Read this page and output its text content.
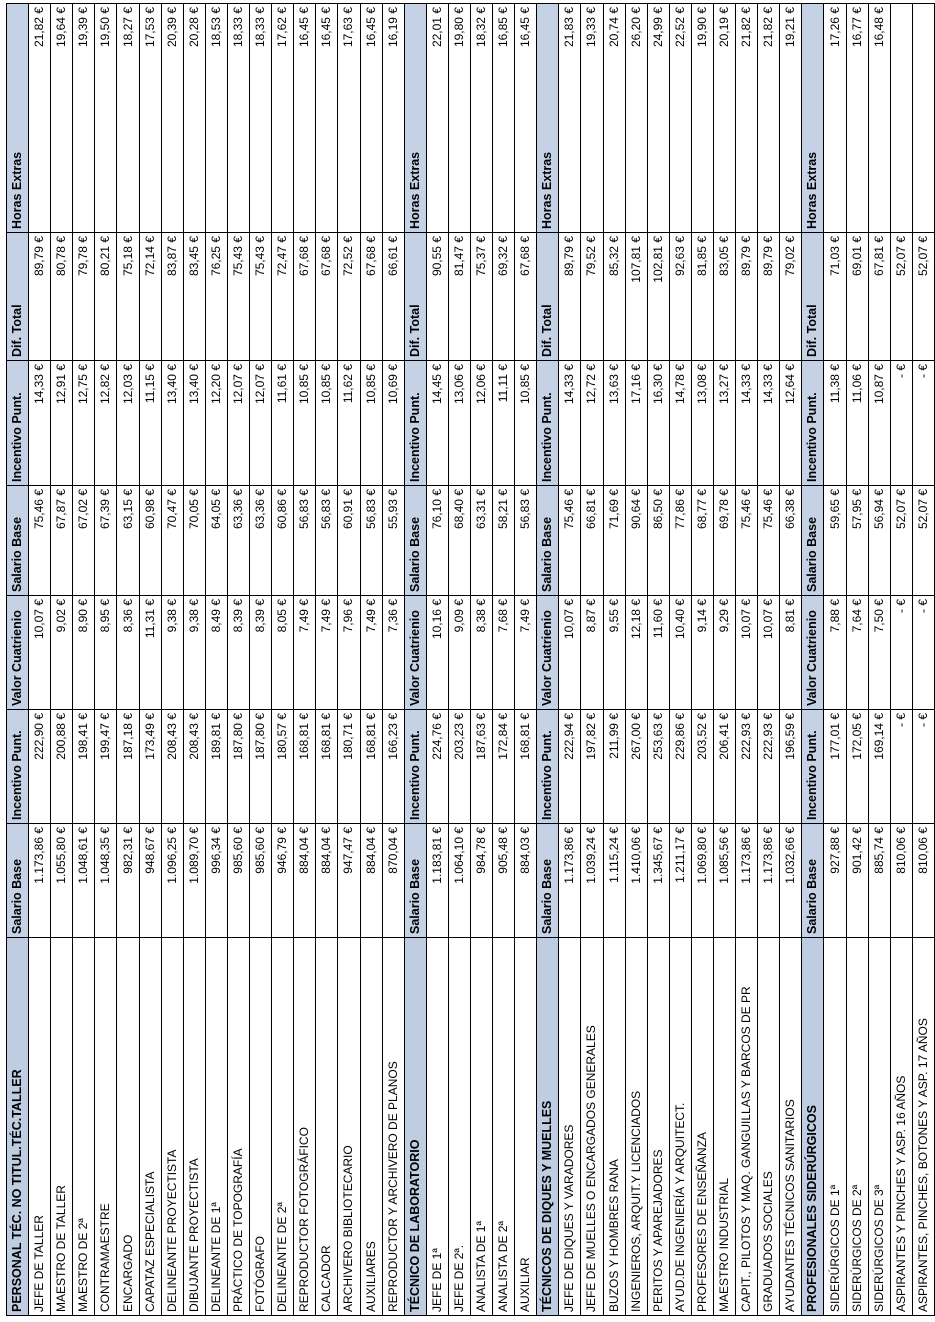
PERSONAL TÉC. NO TITUL.TÉC.TALLER	Salario Base	Incentivo Punt.	Valor Cuatrienio	Salario Base	Incentivo Punt.	Dif. Total	Horas Extras
JEFE DE TALLER	1.173,86 €	222,90 €	10,07 €	75,46 €	14,33 €	89,79 €	21,82 €
MAESTRO DE TALLER	1.055,80 €	200,88 €	9,02 €	67,87 €	12,91 €	80,78 €	19,64 €
MAESTRO DE 2ª	1.048,61 €	198,41 €	8,90 €	67,02 €	12,75 €	79,78 €	19,39 €
CONTRAMAESTRE	1.048,35 €	199,47 €	8,95 €	67,39 €	12,82 €	80,21 €	19,50 €
ENCARGADO	982,31 €	187,18 €	8,36 €	63,15 €	12,03 €	75,18 €	18,27 €
CAPATAZ ESPECIALISTA	948,67 €	173,49 €	11,31 €	60,98 €	11,15 €	72,14 €	17,53 €
DELINEANTE PROYECTISTA	1.096,25 €	208,43 €	9,38 €	70,47 €	13,40 €	83,87 €	20,39 €
DIBUJANTE PROYECTISTA	1.089,70 €	208,43 €	9,38 €	70,05 €	13,40 €	83,45 €	20,28 €
DELINEANTE DE 1ª	996,34 €	189,81 €	8,49 €	64,05 €	12,20 €	76,25 €	18,53 €
PRÁCTICO DE TOPOGRAFÍA	985,60 €	187,80 €	8,39 €	63,36 €	12,07 €	75,43 €	18,33 €
FOTÓGRAFO	985,60 €	187,80 €	8,39 €	63,36 €	12,07 €	75,43 €	18,33 €
DELINEANTE DE 2ª	946,79 €	180,57 €	8,05 €	60,86 €	11,61 €	72,47 €	17,62 €
REPRODUCTOR FOTOGRÁFICO	884,04 €	168,81 €	7,49 €	56,83 €	10,85 €	67,68 €	16,45 €
CALCADOR	884,04 €	168,81 €	7,49 €	56,83 €	10,85 €	67,68 €	16,45 €
ARCHIVERO BIBLIOTECARIO	947,47 €	180,71 €	7,96 €	60,91 €	11,62 €	72,52 €	17,63 €
AUXILIARES	884,04 €	168,81 €	7,49 €	56,83 €	10,85 €	67,68 €	16,45 €
REPRODUCTOR Y ARCHIVERO DE PLANOS	870,04 €	166,23 €	7,36 €	55,93 €	10,69 €	66,61 €	16,19 €
TÉCNICO DE LABORATORIO	Salario Base	Incentivo Punt.	Valor Cuatrienio	Salario Base	Incentivo Punt.	Dif. Total	Horas Extras
JEFE DE 1ª	1.183,81 €	224,76 €	10,16 €	76,10 €	14,45 €	90,55 €	22,01 €
JEFE DE 2ª.	1.064,10 €	203,23 €	9,09 €	68,40 €	13,06 €	81,47 €	19,80 €
ANALISTA DE 1ª	984,78 €	187,63 €	8,38 €	63,31 €	12,06 €	75,37 €	18,32 €
ANALISTA DE 2ª	905,48 €	172,84 €	7,68 €	58,21 €	11,11 €	69,32 €	16,85 €
AUXILIAR	884,03 €	168,81 €	7,49 €	56,83 €	10,85 €	67,68 €	16,45 €
TÉCNICOS DE DIQUES Y MUELLES	Salario Base	Incentivo Punt.	Valor Cuatrienio	Salario Base	Incentivo Punt.	Dif. Total	Horas Extras
JEFE DE DIQUES Y VARADORES	1.173,86 €	222,94 €	10,07 €	75,46 €	14,33 €	89,79 €	21,83 €
JEFE DE MUELLES O ENCARGADOS GENERALES	1.039,24 €	197,82 €	8,87 €	66,81 €	12,72 €	79,52 €	19,33 €
BUZOS Y HOMBRES RANA	1.115,24 €	211,99 €	9,55 €	71,69 €	13,63 €	85,32 €	20,74 €
INGENIEROS, ARQUIT.Y LICENCIADOS	1.410,06 €	267,00 €	12,18 €	90,64 €	17,16 €	107,81 €	26,20 €
PERITOS Y APAREJADORES	1.345,67 €	253,63 €	11,60 €	86,50 €	16,30 €	102,81 €	24,99 €
AYUD.DE INGENIERÍA Y ARQUITECT.	1.211,17 €	229,86 €	10,40 €	77,86 €	14,78 €	92,63 €	22,52 €
PROFESORES DE ENSEÑANZA	1.069,80 €	203,52 €	9,14 €	68,77 €	13,08 €	81,85 €	19,90 €
MAESTRO INDUSTRIAL	1.085,56 €	206,41 €	9,29 €	69,78 €	13,27 €	83,05 €	20,19 €
CAPIT., PILOTOS Y MAQ. GANGUILLAS Y BARCOS DE PR	1.173,86 €	222,93 €	10,07 €	75,46 €	14,33 €	89,79 €	21,82 €
GRADUADOS SOCIALES	1.173,86 €	222,93 €	10,07 €	75,46 €	14,33 €	89,79 €	21,82 €
AYUDANTES TÉCNICOS SANITARIOS	1.032,66 €	196,59 €	8,81 €	66,38 €	12,64 €	79,02 €	19,21 €
PROFESIONALES SIDERÚRGICOS	Salario Base	Incentivo Punt.	Valor Cuatrienio	Salario Base	Incentivo Punt.	Dif. Total	Horas Extras
SIDERÚRGICOS DE 1ª	927,88 €	177,01 €	7,88 €	59,65 €	11,38 €	71,03 €	17,26 €
SIDERÚRGICOS DE 2ª	901,42 €	172,05 €	7,64 €	57,95 €	11,06 €	69,01 €	16,77 €
SIDERÚRGICOS DE 3ª	885,74 €	169,14 €	7,50 €	56,94 €	10,87 €	67,81 €	16,48 €
ASPIRANTES Y PINCHES Y ASP. 16 AÑOS	810,06 €	- €	- €	52,07 €	- €	52,07 €	
ASPIRANTES, PINCHES, BOTONES Y ASP. 17 AÑOS	810,06 €	- €	- €	52,07 €	- €	52,07 €	
